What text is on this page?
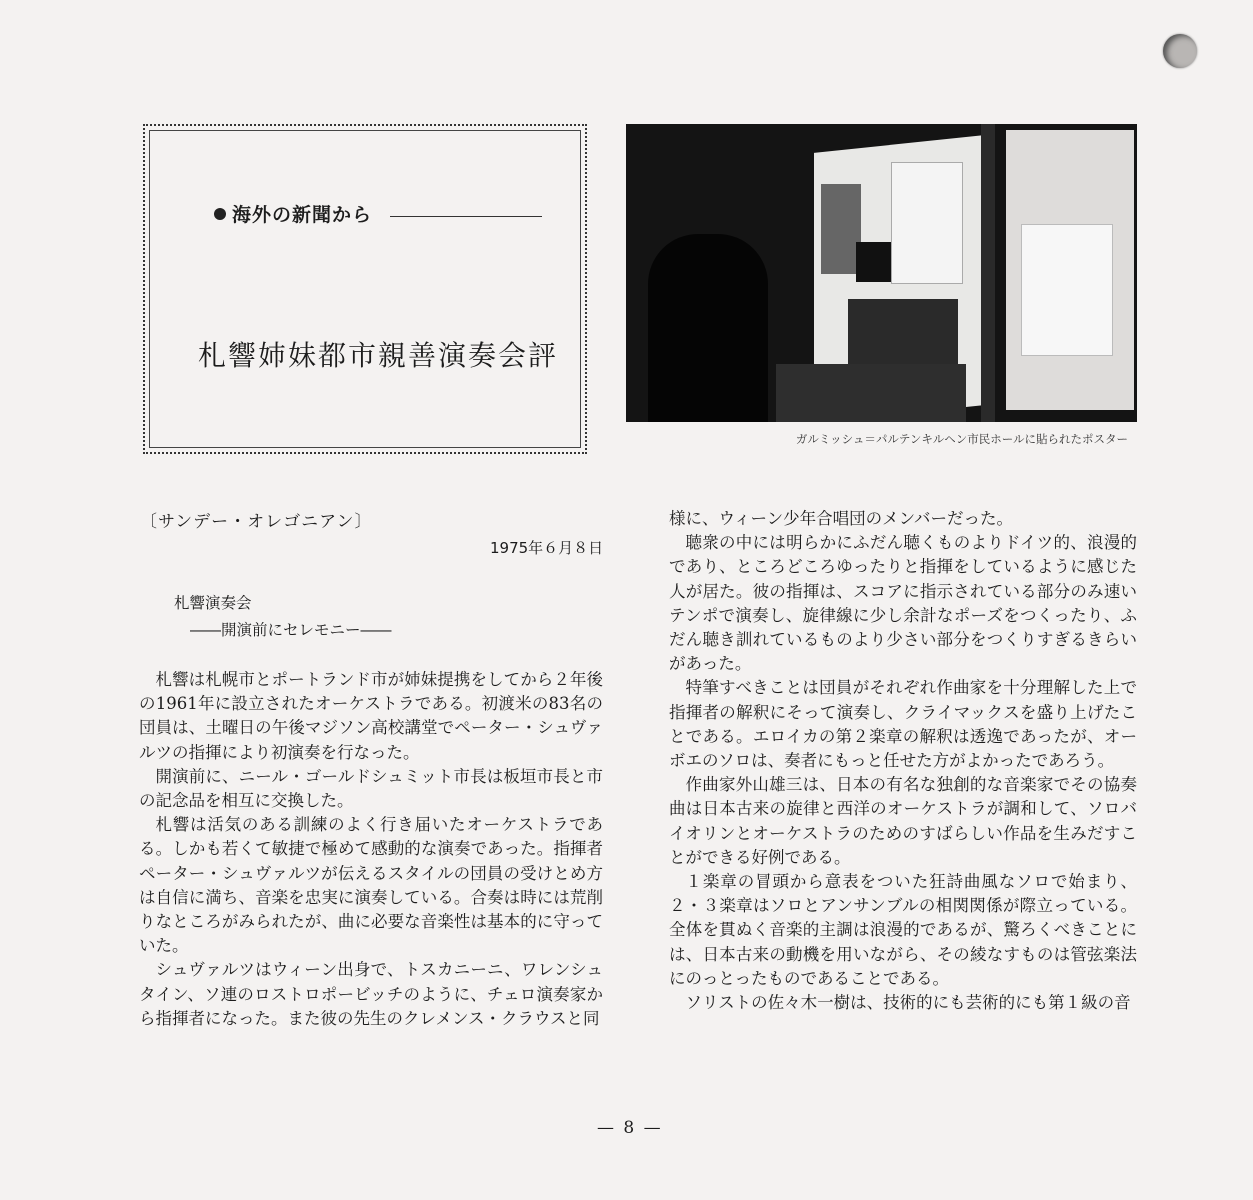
海外の新聞から
札響姉妹都市親善演奏会評
ガルミッシュ＝パルテンキルヘン市民ホールに貼られたポスター
〔サンデー・オレゴニアン〕
1975年６月８日
札響演奏会
――開演前にセレモニー――

札響は札幌市とポートランド市が姉妹提携をしてから２年後の1961年に設立されたオーケストラである。初渡米の83名の団員は、土曜日の午後マジソン高校講堂でペーター・シュヴァルツの指揮により初演奏を行なった。

開演前に、ニール・ゴールドシュミット市長は板垣市長と市の記念品を相互に交換した。

札響は活気のある訓練のよく行き届いたオーケストラである。しかも若くて敏捷で極めて感動的な演奏であった。指揮者ペーター・シュヴァルツが伝えるスタイルの団員の受けとめ方は自信に満ち、音楽を忠実に演奏している。合奏は時には荒削りなところがみられたが、曲に必要な音楽性は基本的に守っていた。

シュヴァルツはウィーン出身で、トスカニーニ、ワレンシュタイン、ソ連のロストロポービッチのように、チェロ演奏家から指揮者になった。また彼の先生のクレメンス・クラウスと同

様に、ウィーン少年合唱団のメンバーだった。

聴衆の中には明らかにふだん聴くものよりドイツ的、浪漫的であり、ところどころゆったりと指揮をしているように感じた人が居た。彼の指揮は、スコアに指示されている部分のみ速いテンポで演奏し、旋律線に少し余計なポーズをつくったり、ふだん聴き訓れているものより少さい部分をつくりすぎるきらいがあった。

特筆すべきことは団員がそれぞれ作曲家を十分理解した上で指揮者の解釈にそって演奏し、クライマックスを盛り上げたことである。エロイカの第２楽章の解釈は透逸であったが、オーボエのソロは、奏者にもっと任せた方がよかったであろう。

作曲家外山雄三は、日本の有名な独創的な音楽家でその協奏曲は日本古来の旋律と西洋のオーケストラが調和して、ソロバイオリンとオーケストラのためのすばらしい作品を生みだすことができる好例である。

１楽章の冒頭から意表をついた狂詩曲風なソロで始まり、２・３楽章はソロとアンサンブルの相関関係が際立っている。全体を貫ぬく音楽的主調は浪漫的であるが、驚ろくべきことには、日本古来の動機を用いながら、その綾なすものは管弦楽法にのっとったものであることである。

ソリストの佐々木一樹は、技術的にも芸術的にも第１級の音

— 8 —
